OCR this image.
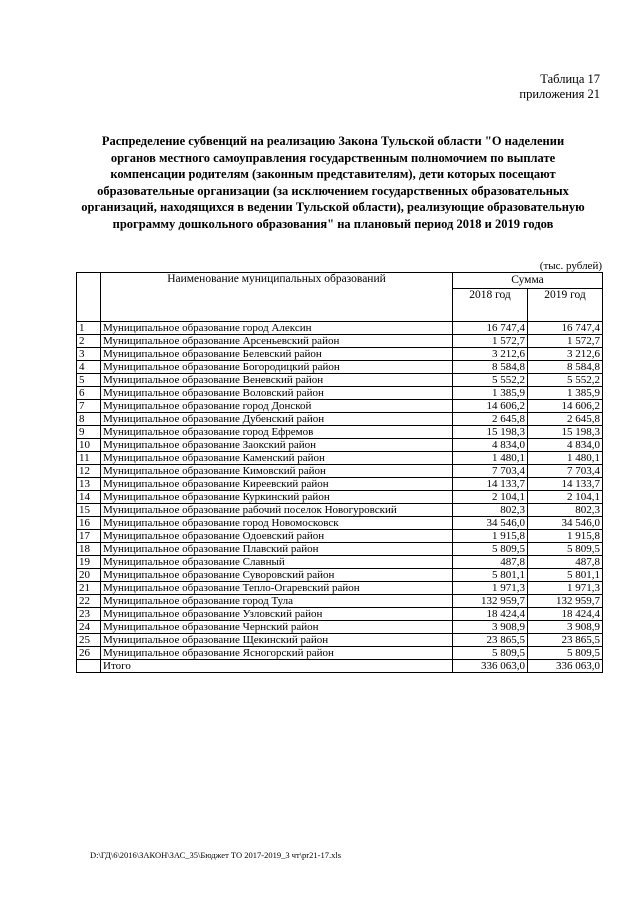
Таблица 17
приложения 21
Распределение субвенций на реализацию Закона Тульской области "О наделении органов местного самоуправления государственным полномочием по выплате компенсации родителям (законным представителям), дети которых посещают образовательные организации (за исключением государственных образовательных организаций, находящихся в ведении Тульской области), реализующие образовательную программу дошкольного образования" на плановый период 2018 и 2019 годов
(тыс. рублей)
	Наименование муниципальных образований	Сумма	
		2018 год	2019 год
1	Муниципальное образование город Алексин	16 747,4	16 747,4
2	Муниципальное образование Арсеньевский район	1 572,7	1 572,7
3	Муниципальное образование Белевский район	3 212,6	3 212,6
4	Муниципальное образование Богородицкий район	8 584,8	8 584,8
5	Муниципальное образование Веневский район	5 552,2	5 552,2
6	Муниципальное образование Воловский район	1 385,9	1 385,9
7	Муниципальное образование город Донской	14 606,2	14 606,2
8	Муниципальное образование Дубенский район	2 645,8	2 645,8
9	Муниципальное образование город Ефремов	15 198,3	15 198,3
10	Муниципальное образование Заокский район	4 834,0	4 834,0
11	Муниципальное образование Каменский район	1 480,1	1 480,1
12	Муниципальное образование Кимовский район	7 703,4	7 703,4
13	Муниципальное образование Киреевский район	14 133,7	14 133,7
14	Муниципальное образование Куркинский район	2 104,1	2 104,1
15	Муниципальное образование рабочий поселок Новогуровский	802,3	802,3
16	Муниципальное образование город Новомосковск	34 546,0	34 546,0
17	Муниципальное образование Одоевский район	1 915,8	1 915,8
18	Муниципальное образование Плавский район	5 809,5	5 809,5
19	Муниципальное образование Славный	487,8	487,8
20	Муниципальное образование Суворовский район	5 801,1	5 801,1
21	Муниципальное образование Тепло-Огаревский район	1 971,3	1 971,3
22	Муниципальное образование город Тула	132 959,7	132 959,7
23	Муниципальное образование Узловский район	18 424,4	18 424,4
24	Муниципальное образование Чернский район	3 908,9	3 908,9
25	Муниципальное образование Щекинский район	23 865,5	23 865,5
26	Муниципальное образование Ясногорский район	5 809,5	5 809,5
	Итого	336 063,0	336 063,0
D:\ГД\6\2016\ЗАКОН\ЗАС_35\Бюджет ТО 2017-2019_3 чт\pr21-17.xls
